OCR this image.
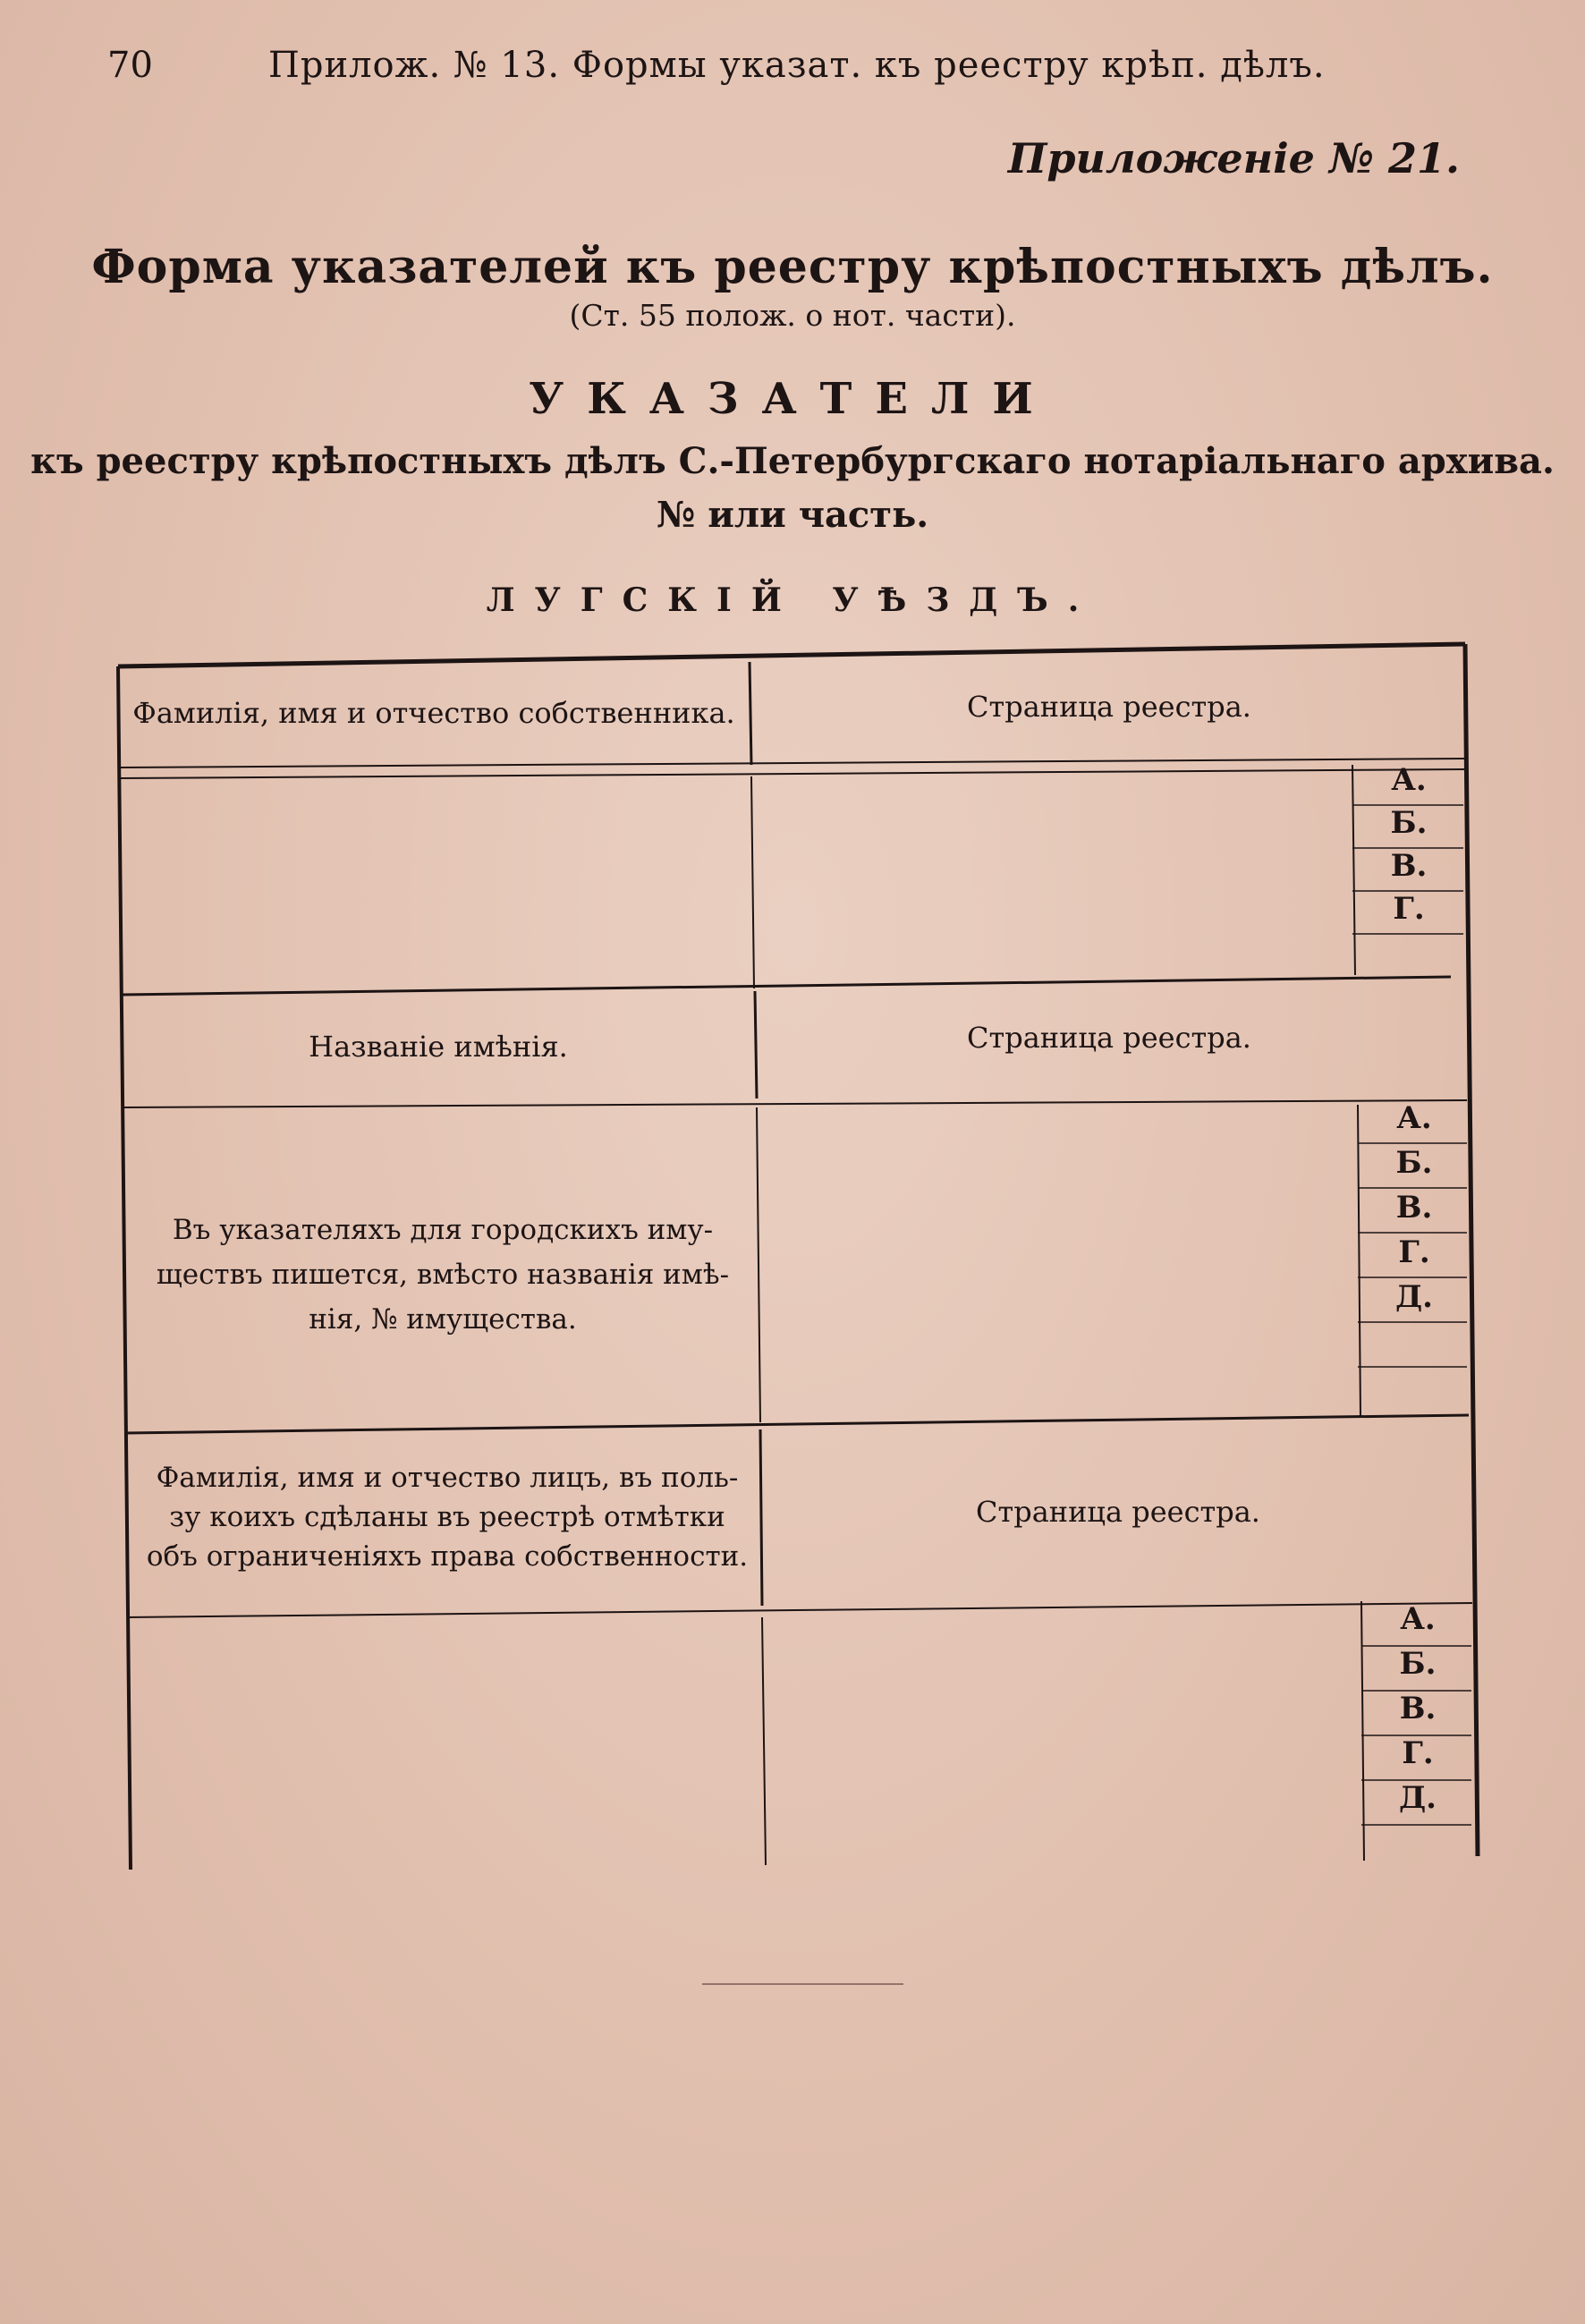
70	Прилож. № 13. Формы указат. къ реестру крѣп. дѣлъ.
Приложенiе № 21.
Форма указателей къ реестру крѣпостныхъ дѣлъ.
(Ст. 55 полож. о нот. части).
УКАЗАТЕЛИ
къ реестру крѣпостныхъ дѣлъ С.-Петербургскаго нотарiальнаго архива.
№ или часть.
ЛУГСКIЙ УѢЗДЪ.
Фамилiя, имя и отчество собственника.	Страница реестра.
А.
Б.
В.
Г.
Названiе имѣнiя.	Страница реестра.
Въ указателяхъ для городскихъ иму-
ществъ пишется, вмѣсто названiя имѣ-
нiя, № имущества.
А.
Б.
В.
Г.
Д.
Фамилiя, имя и отчество лицъ, въ поль-
зу коихъ сдѣланы въ реестрѣ отмѣтки
объ ограниченiяхъ права собственности.
Страница реестра.
А.
Б.
В.
Г.
Д.
